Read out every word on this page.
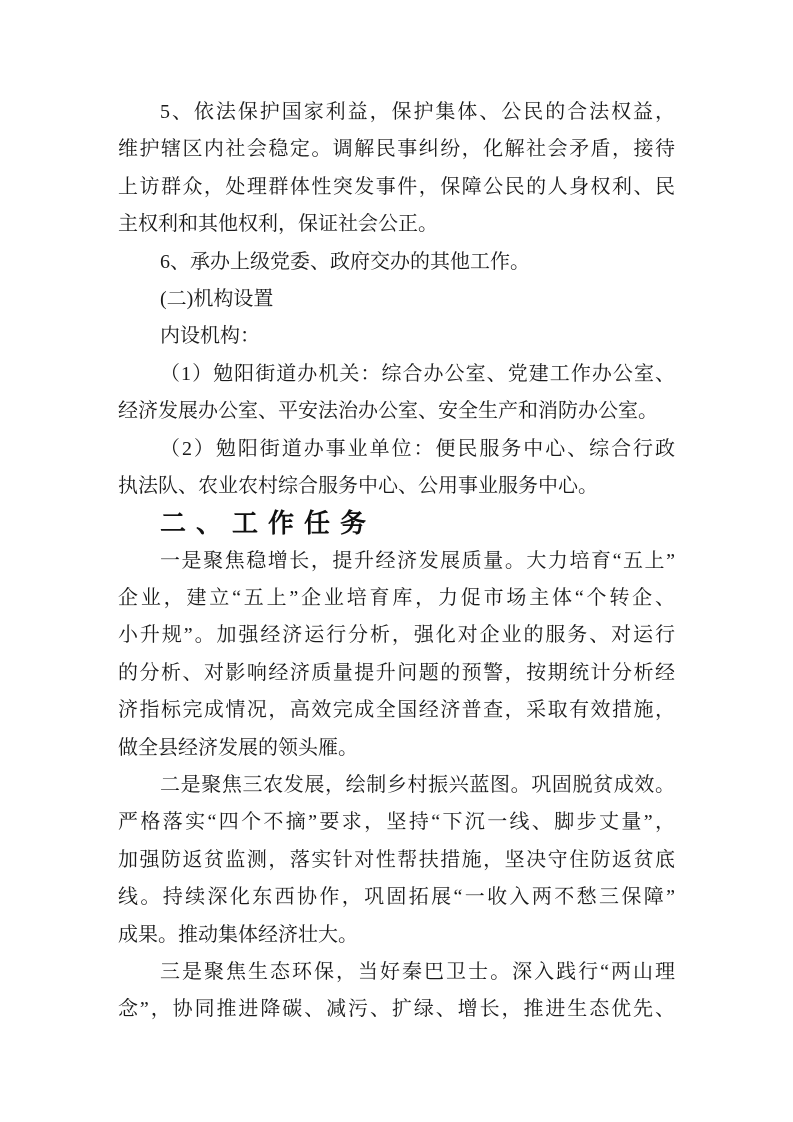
5、依法保护国家利益，保护集体、公民的合法权益，
维护辖区内社会稳定。调解民事纠纷，化解社会矛盾，接待
上访群众，处理群体性突发事件，保障公民的人身权利、民
主权利和其他权利，保证社会公正。
6、承办上级党委、政府交办的其他工作。
(二)机构设置
内设机构：
（1）勉阳街道办机关：综合办公室、党建工作办公室、
经济发展办公室、平安法治办公室、安全生产和消防办公室。
（2）勉阳街道办事业单位：便民服务中心、综合行政
执法队、农业农村综合服务中心、公用事业服务中心。
二、工作任务
一是聚焦稳增长，提升经济发展质量。大力培育“五上”
企业，建立“五上”企业培育库，力促市场主体“个转企、
小升规”。加强经济运行分析，强化对企业的服务、对运行
的分析、对影响经济质量提升问题的预警，按期统计分析经
济指标完成情况，高效完成全国经济普查，采取有效措施，
做全县经济发展的领头雁。
二是聚焦三农发展，绘制乡村振兴蓝图。巩固脱贫成效。
严格落实“四个不摘”要求，坚持“下沉一线、脚步丈量”，
加强防返贫监测，落实针对性帮扶措施，坚决守住防返贫底
线。持续深化东西协作，巩固拓展“一收入两不愁三保障”
成果。推动集体经济壮大。
三是聚焦生态环保，当好秦巴卫士。深入践行“两山理
念”，协同推进降碳、减污、扩绿、增长，推进生态优先、
